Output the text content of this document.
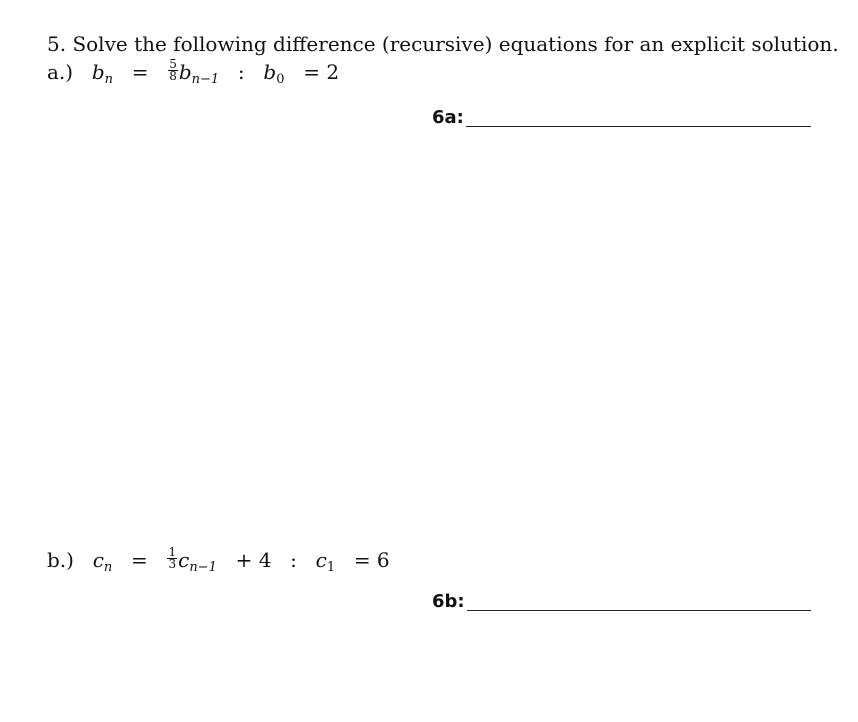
5. Solve the following difference (recursive) equations for an explicit solution.
a.) $b_n = \frac{5}{8} b_{n-1}$ : $b_0 = 2$
6a:
b.) $c_n = \frac{1}{3} c_{n-1} + 4$ : $c_1 = 6$
6b:
